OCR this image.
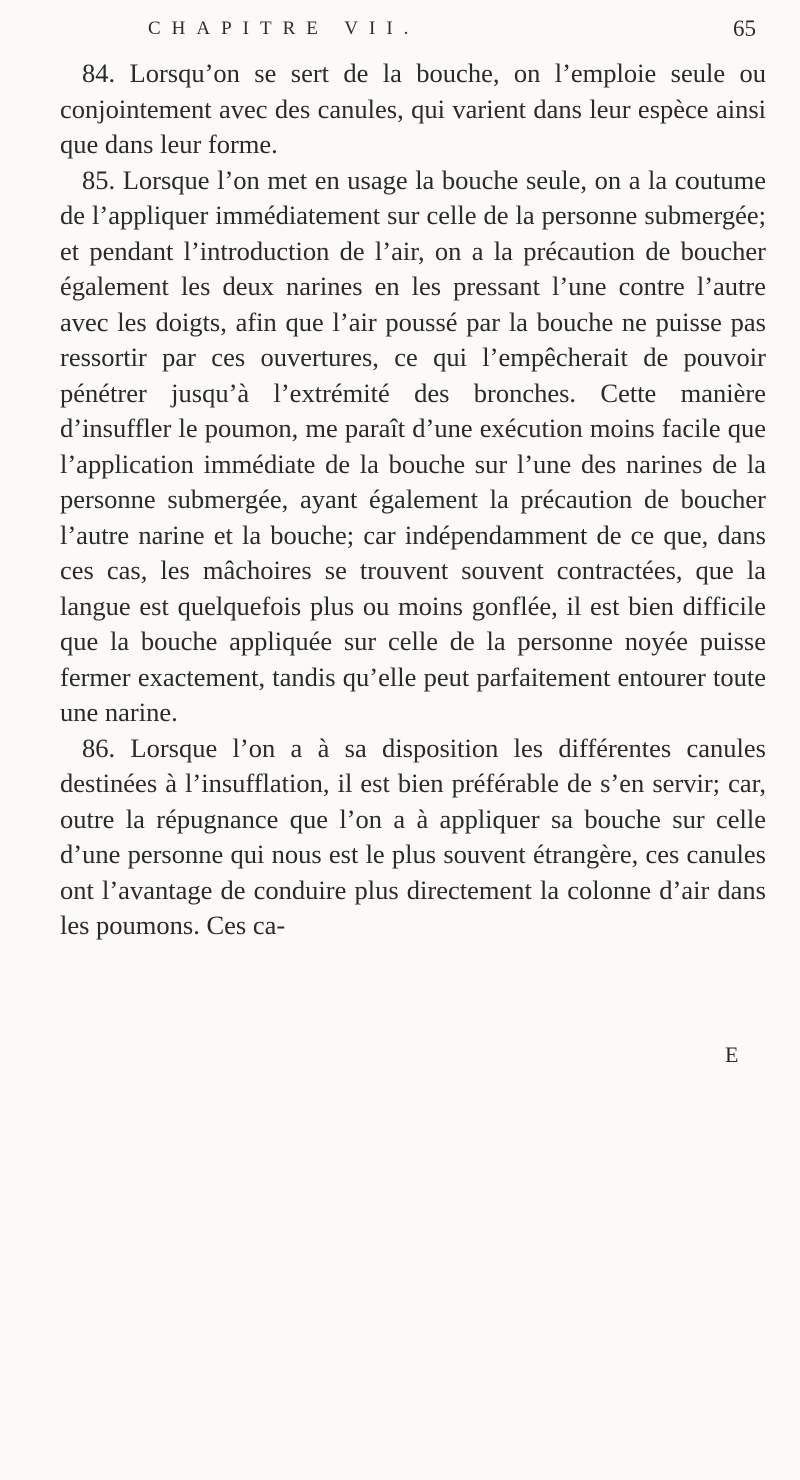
CHAPITRE VII.	65

84. Lorsqu’on se sert de la bouche, on l’emploie seule ou conjointement avec des canules, qui varient dans leur espèce ainsi que dans leur forme.

85. Lorsque l’on met en usage la bouche seule, on a la coutume de l’appliquer immédiatement sur celle de la personne submergée; et pendant l’introduction de l’air, on a la précaution de boucher également les deux narines en les pressant l’une contre l’autre avec les doigts, afin que l’air poussé par la bouche ne puisse pas ressortir par ces ouvertures, ce qui l’empêcherait de pouvoir pénétrer jusqu’à l’extrémité des bronches. Cette manière d’insuffler le poumon, me paraît d’une exécution moins facile que l’application immédiate de la bouche sur l’une des narines de la personne submergée, ayant également la précaution de boucher l’autre narine et la bouche; car indépendamment de ce que, dans ces cas, les mâchoires se trouvent souvent contractées, que la langue est quelquefois plus ou moins gonflée, il est bien difficile que la bouche appliquée sur celle de la personne noyée puisse fermer exactement, tandis qu’elle peut parfaitement entourer toute une narine.

86. Lorsque l’on a à sa disposition les différentes canules destinées à l’insufflation, il est bien préférable de s’en servir; car, outre la répugnance que l’on a à appliquer sa bouche sur celle d’une personne qui nous est le plus souvent étrangère, ces canules ont l’avantage de conduire plus directement la colonne d’air dans les poumons. Ces ca-

E
